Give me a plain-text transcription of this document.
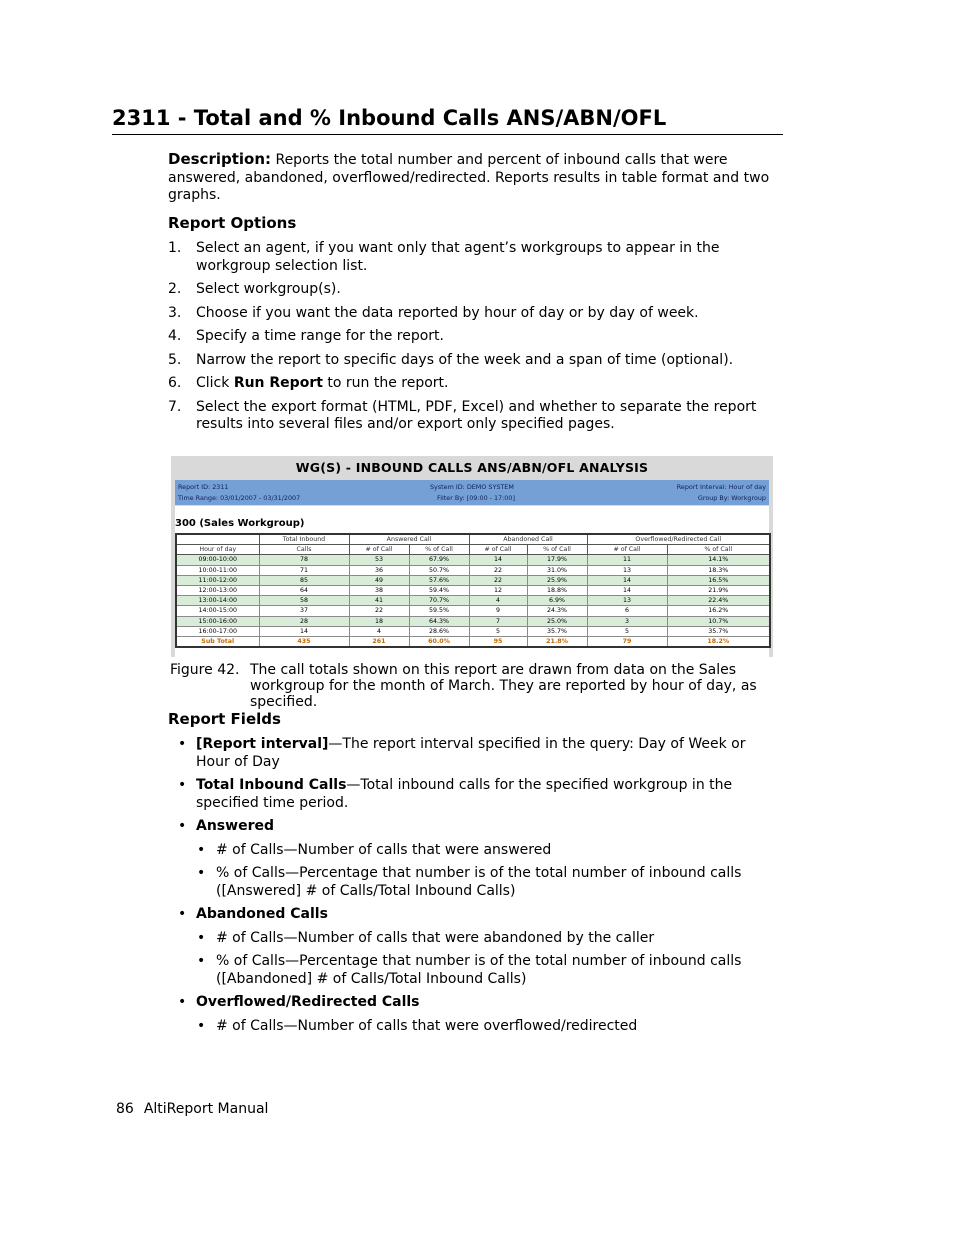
2311 - Total and % Inbound Calls ANS/ABN/OFL
Description: Reports the total number and percent of inbound calls that were answered, abandoned, overflowed/redirected. Reports results in table format and two graphs.
Report Options
1. Select an agent, if you want only that agent’s workgroups to appear in the workgroup selection list.
2. Select workgroup(s).
3. Choose if you want the data reported by hour of day or by day of week.
4. Specify a time range for the report.
5. Narrow the report to specific days of the week and a span of time (optional).
6. Click Run Report to run the report.
7. Select the export format (HTML, PDF, Excel) and whether to separate the report results into several files and/or export only specified pages.
WG(S) - INBOUND CALLS ANS/ABN/OFL ANALYSIS
Report ID: 2311	System ID: DEMO SYSTEM	Report Interval: Hour of day
Time Range: 03/01/2007 - 03/31/2007	Filter By: [09:00 - 17:00]	Group By: Workgroup
300 (Sales Workgroup)
	Total Inbound	Answered Call		Abandoned Call		Overflowed/Redirected Call	
Hour of day	Calls	# of Call	% of Call	# of Call	% of Call	# of Call	% of Call
09:00-10:00	78	53	67.9%	14	17.9%	11	14.1%
10:00-11:00	71	36	50.7%	22	31.0%	13	18.3%
11:00-12:00	85	49	57.6%	22	25.9%	14	16.5%
12:00-13:00	64	38	59.4%	12	18.8%	14	21.9%
13:00-14:00	58	41	70.7%	4	6.9%	13	22.4%
14:00-15:00	37	22	59.5%	9	24.3%	6	16.2%
15:00-16:00	28	18	64.3%	7	25.0%	3	10.7%
16:00-17:00	14	4	28.6%	5	35.7%	5	35.7%
Sub Total	435	261	60.0%	95	21.8%	79	18.2%
Figure 42. The call totals shown on this report are drawn from data on the Sales workgroup for the month of March. They are reported by hour of day, as specified.
Report Fields
• [Report interval]—The report interval specified in the query: Day of Week or Hour of Day
• Total Inbound Calls—Total inbound calls for the specified workgroup in the specified time period.
• Answered
• # of Calls—Number of calls that were answered
• % of Calls—Percentage that number is of the total number of inbound calls ([Answered] # of Calls/Total Inbound Calls)
• Abandoned Calls
• # of Calls—Number of calls that were abandoned by the caller
• % of Calls—Percentage that number is of the total number of inbound calls ([Abandoned] # of Calls/Total Inbound Calls)
• Overflowed/Redirected Calls
• # of Calls—Number of calls that were overflowed/redirected
86 AltiReport Manual
